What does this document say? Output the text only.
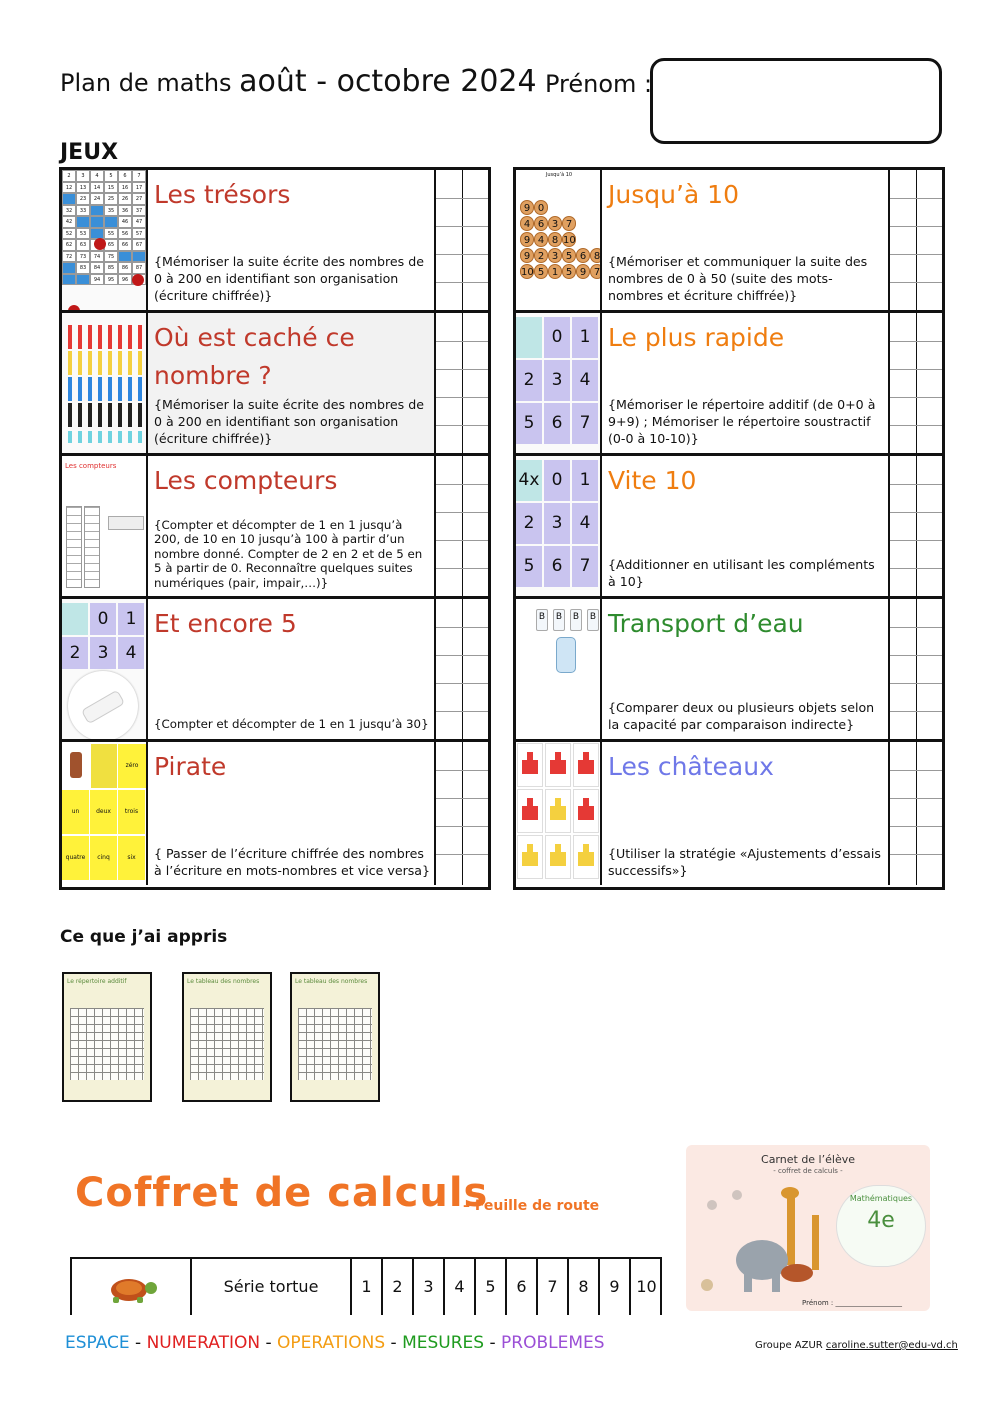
Plan de maths août - octobre 2024 Prénom :
JEUX
2	3	4	5	6	7
12	13	14	15	16	17
23	24	25	26	27
32	33	35	36	37
42	46	47
52	53	55	56	57
62	63	65	66	67
72	73	74	75
83	84	85	86	87
94	95	96
Les trésors
{Mémoriser la suite écrite des nombres de 0 à 200 en identifiant son organisation (écriture chiffrée)}
Où est caché ce nombre ?
{Mémoriser la suite écrite des nombres de 0 à 200 en identifiant son organisation (écriture chiffrée)}
Les compteurs Les compteurs
{Compter et décompter de 1 en 1 jusqu’à 200, de 10 en 10 jusqu’à 100 à partir d’un nombre donné. Compter de 2 en 2 et de 5 en 5 à partir de 0. Reconnaître quelques suites numériques (pair, impair,…)}
0	1
2	3	4
Et encore 5
{Compter et décompter de 1 en 1 jusqu’à 30}
zéro
un	deux	trois
quatre	cinq	six
Pirate
{ Passer de l’écriture chiffrée des nombres à l’écriture en mots-nombres et vice versa}
Jusqu’à 10
9 0
4 6 3 7
9 4 8 10
9 2 3 5 6 8
10 5 1 5 9 7
Jusqu’à 10
{Mémoriser et communiquer la suite des nombres de 0 à 50 (suite des mots-nombres et écriture chiffrée)}
0	1
2	3	4
5	6	7
Le plus rapide
{Mémoriser le répertoire additif (de 0+0 à 9+9) ; Mémoriser le répertoire soustractif (0-0 à 10-10)}
4x 0	1
2	3	4
5	6	7
Vite 10
{Additionner en utilisant les compléments à 10}
B	B	B	B Transport d’eau
{Comparer deux ou plusieurs objets selon la capacité par comparaison indirecte}
Les châteaux
{Utiliser la stratégie «Ajustements d’essais successifs»}
Ce que j’ai appris
Le répertoire additif	Le tableau des nombres	Le tableau des nombres
Coffret de calculs
– Feuille de route
Série tortue	1	2	3	4	5	6	7	8	9	10
Carnet de l’élève
- coffret de calculs -
Mathématiques
4e
Prénom : ___________________
ESPACE - NUMERATION - OPERATIONS - MESURES - PROBLEMES	Groupe AZUR caroline.sutter@edu-vd.ch
